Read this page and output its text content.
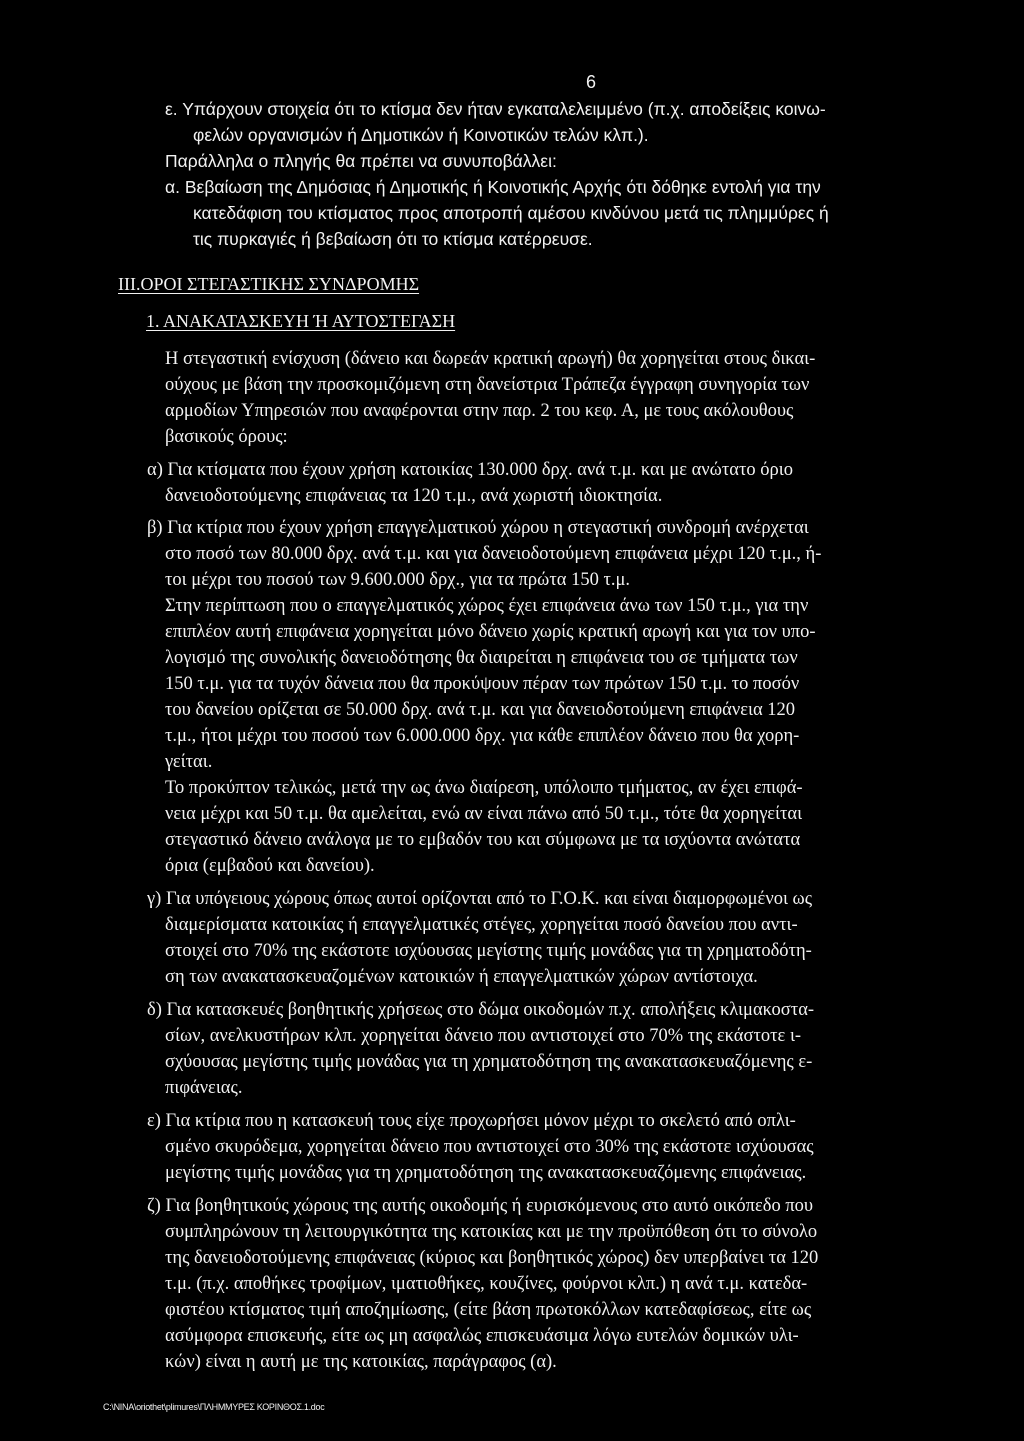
6
ε. Υπάρχουν στοιχεία ότι το κτίσμα δεν ήταν εγκαταλελειμμένο (π.χ. αποδείξεις κοινω-
φελών οργανισμών ή Δημοτικών ή Κοινοτικών τελών κλπ.).
Παράλληλα ο πληγής θα πρέπει να συνυποβάλλει:
α. Βεβαίωση της Δημόσιας ή Δημοτικής ή Κοινοτικής Αρχής ότι δόθηκε εντολή για την
κατεδάφιση του κτίσματος προς αποτροπή αμέσου κινδύνου μετά τις πλημμύρες ή
τις πυρκαγιές ή βεβαίωση ότι το κτίσμα κατέρρευσε.
ΙΙΙ.ΟΡΟΙ ΣΤΕΓΑΣΤΙΚΗΣ ΣΥΝΔΡΟΜΗΣ
1. ΑΝΑΚΑΤΑΣΚΕΥΗ Ή ΑΥΤΟΣΤΕΓΑΣΗ
Η στεγαστική ενίσχυση (δάνειο και δωρεάν κρατική αρωγή) θα χορηγείται στους δικαι-
ούχους με βάση την προσκομιζόμενη στη δανείστρια Τράπεζα έγγραφη συνηγορία των
αρμοδίων Υπηρεσιών που αναφέρονται στην παρ. 2 του κεφ. Α, με τους ακόλουθους
βασικούς όρους:
α) Για κτίσματα που έχουν χρήση κατοικίας 130.000 δρχ. ανά τ.μ. και με ανώτατο όριο
δανειοδοτούμενης επιφάνειας τα 120 τ.μ., ανά χωριστή ιδιοκτησία.
β) Για κτίρια που έχουν χρήση επαγγελματικού χώρου η στεγαστική συνδρομή ανέρχεται
στο ποσό των 80.000 δρχ. ανά τ.μ. και για δανειοδοτούμενη επιφάνεια μέχρι 120 τ.μ., ή-
τοι μέχρι του ποσού των 9.600.000 δρχ., για τα πρώτα 150 τ.μ.
Στην περίπτωση που ο επαγγελματικός χώρος έχει επιφάνεια άνω των 150 τ.μ., για την
επιπλέον αυτή επιφάνεια χορηγείται μόνο δάνειο χωρίς κρατική αρωγή και για τον υπο-
λογισμό της συνολικής δανειοδότησης θα διαιρείται η επιφάνεια του σε τμήματα των
150 τ.μ. για τα τυχόν δάνεια που θα προκύψουν πέραν των πρώτων 150 τ.μ. το ποσόν
του δανείου ορίζεται σε 50.000 δρχ. ανά τ.μ. και για δανειοδοτούμενη επιφάνεια 120
τ.μ., ήτοι μέχρι του ποσού των 6.000.000 δρχ. για κάθε επιπλέον δάνειο που θα χορη-
γείται.
Το προκύπτον τελικώς, μετά την ως άνω διαίρεση, υπόλοιπο τμήματος, αν έχει επιφά-
νεια μέχρι και 50 τ.μ. θα αμελείται, ενώ αν είναι πάνω από 50 τ.μ., τότε θα χορηγείται
στεγαστικό δάνειο ανάλογα με το εμβαδόν του και σύμφωνα με τα ισχύοντα ανώτατα
όρια (εμβαδού και δανείου).
γ) Για υπόγειους χώρους όπως αυτοί ορίζονται από το Γ.Ο.Κ. και είναι διαμορφωμένοι ως
διαμερίσματα κατοικίας ή επαγγελματικές στέγες, χορηγείται ποσό δανείου που αντι-
στοιχεί στο 70% της εκάστοτε ισχύουσας μεγίστης τιμής μονάδας για τη χρηματοδότη-
ση των ανακατασκευαζομένων κατοικιών ή επαγγελματικών χώρων αντίστοιχα.
δ) Για κατασκευές βοηθητικής χρήσεως στο δώμα οικοδομών π.χ. απολήξεις κλιμακοστα-
σίων, ανελκυστήρων κλπ. χορηγείται δάνειο που αντιστοιχεί στο 70% της εκάστοτε ι-
σχύουσας μεγίστης τιμής μονάδας για τη χρηματοδότηση της ανακατασκευαζόμενης ε-
πιφάνειας.
ε) Για κτίρια που η κατασκευή τους είχε προχωρήσει μόνον μέχρι το σκελετό από οπλι-
σμένο σκυρόδεμα, χορηγείται δάνειο που αντιστοιχεί στο 30% της εκάστοτε ισχύουσας
μεγίστης τιμής μονάδας για τη χρηματοδότηση της ανακατασκευαζόμενης επιφάνειας.
ζ) Για βοηθητικούς χώρους της αυτής οικοδομής ή ευρισκόμενους στο αυτό οικόπεδο που
συμπληρώνουν τη λειτουργικότητα της κατοικίας και με την προϋπόθεση ότι το σύνολο
της δανειοδοτούμενης επιφάνειας (κύριος και βοηθητικός χώρος) δεν υπερβαίνει τα 120
τ.μ. (π.χ. αποθήκες τροφίμων, ιματιοθήκες, κουζίνες, φούρνοι κλπ.) η ανά τ.μ. κατεδα-
φιστέου κτίσματος τιμή αποζημίωσης, (είτε βάση πρωτοκόλλων κατεδαφίσεως, είτε ως
ασύμφορα επισκευής, είτε ως μη ασφαλώς επισκευάσιμα λόγω ευτελών δομικών υλι-
κών) είναι η αυτή με της κατοικίας, παράγραφος (α).
C:\NINA\oriothet\plimures\ΠΛΗΜΜΥΡΕΣ ΚΟΡΙΝΘΟΣ.1.doc
